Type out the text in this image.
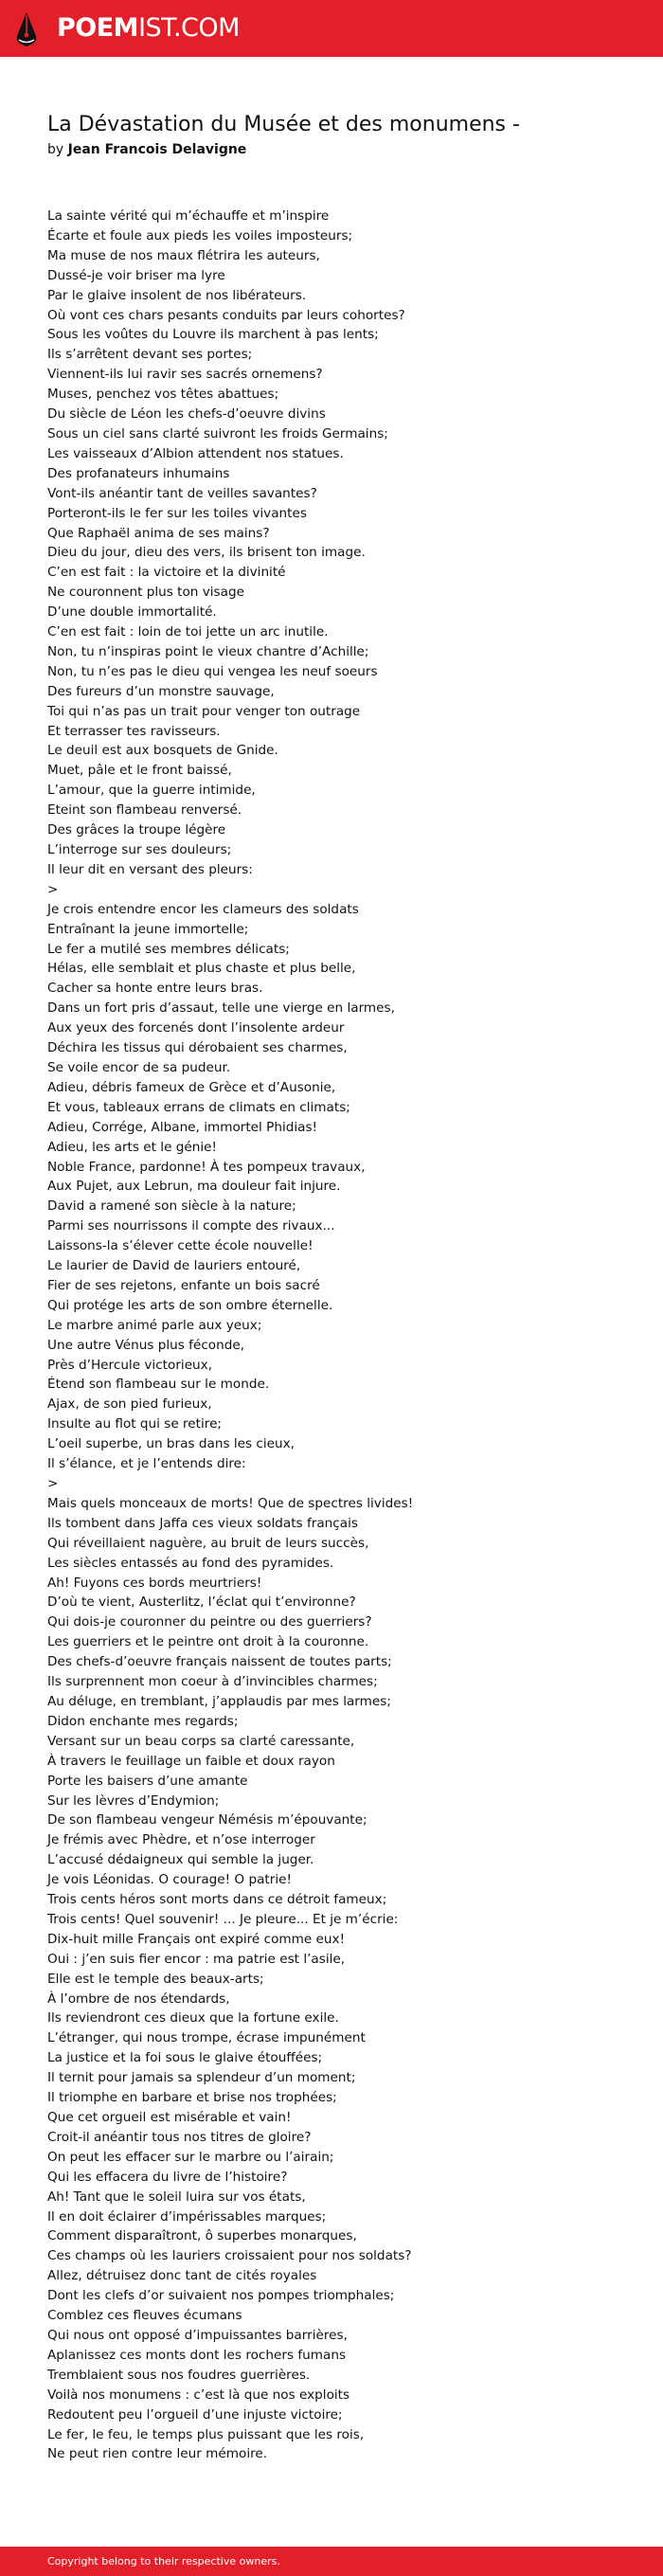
POEMIST.COM
La Dévastation du Musée et des monumens -
by Jean Francois Delavigne
La sainte vérité qui m’échauffe et m’inspire
Écarte et foule aux pieds les voiles imposteurs;
Ma muse de nos maux flétrira les auteurs,
Dussé-je voir briser ma lyre
Par le glaive insolent de nos libérateurs.
Où vont ces chars pesants conduits par leurs cohortes?
Sous les voûtes du Louvre ils marchent à pas lents;
Ils s’arrêtent devant ses portes;
Viennent-ils lui ravir ses sacrés ornemens?
Muses, penchez vos têtes abattues;
Du siècle de Léon les chefs-d’oeuvre divins
Sous un ciel sans clarté suivront les froids Germains;
Les vaisseaux d’Albion attendent nos statues.
Des profanateurs inhumains
Vont-ils anéantir tant de veilles savantes?
Porteront-ils le fer sur les toiles vivantes
Que Raphaël anima de ses mains?
Dieu du jour, dieu des vers, ils brisent ton image.
C’en est fait : la victoire et la divinité
Ne couronnent plus ton visage
D’une double immortalité.
C’en est fait : loin de toi jette un arc inutile.
Non, tu n’inspiras point le vieux chantre d’Achille;
Non, tu n’es pas le dieu qui vengea les neuf soeurs
Des fureurs d’un monstre sauvage,
Toi qui n’as pas un trait pour venger ton outrage
Et terrasser tes ravisseurs.
Le deuil est aux bosquets de Gnide.
Muet, pâle et le front baissé,
L’amour, que la guerre intimide,
Eteint son flambeau renversé.
Des grâces la troupe légère
L’interroge sur ses douleurs;
Il leur dit en versant des pleurs:
>
Je crois entendre encor les clameurs des soldats
Entraînant la jeune immortelle;
Le fer a mutilé ses membres délicats;
Hélas, elle semblait et plus chaste et plus belle,
Cacher sa honte entre leurs bras.
Dans un fort pris d’assaut, telle une vierge en larmes,
Aux yeux des forcenés dont l’insolente ardeur
Déchira les tissus qui dérobaient ses charmes,
Se voile encor de sa pudeur.
Adieu, débris fameux de Grèce et d’Ausonie,
Et vous, tableaux errans de climats en climats;
Adieu, Corrége, Albane, immortel Phidias!
Adieu, les arts et le génie!
Noble France, pardonne! À tes pompeux travaux,
Aux Pujet, aux Lebrun, ma douleur fait injure.
David a ramené son siècle à la nature;
Parmi ses nourrissons il compte des rivaux...
Laissons-la s’élever cette école nouvelle!
Le laurier de David de lauriers entouré,
Fier de ses rejetons, enfante un bois sacré
Qui protége les arts de son ombre éternelle.
Le marbre animé parle aux yeux;
Une autre Vénus plus féconde,
Près d’Hercule victorieux,
Étend son flambeau sur le monde.
Ajax, de son pied furieux,
Insulte au flot qui se retire;
L’oeil superbe, un bras dans les cieux,
Il s’élance, et je l’entends dire:
>
Mais quels monceaux de morts! Que de spectres livides!
Ils tombent dans Jaffa ces vieux soldats français
Qui réveillaient naguère, au bruit de leurs succès,
Les siècles entassés au fond des pyramides.
Ah! Fuyons ces bords meurtriers!
D’où te vient, Austerlitz, l’éclat qui t’environne?
Qui dois-je couronner du peintre ou des guerriers?
Les guerriers et le peintre ont droit à la couronne.
Des chefs-d’oeuvre français naissent de toutes parts;
Ils surprennent mon coeur à d’invincibles charmes;
Au déluge, en tremblant, j’applaudis par mes larmes;
Didon enchante mes regards;
Versant sur un beau corps sa clarté caressante,
À travers le feuillage un faible et doux rayon
Porte les baisers d’une amante
Sur les lèvres d’Endymion;
De son flambeau vengeur Némésis m’épouvante;
Je frémis avec Phèdre, et n’ose interroger
L’accusé dédaigneux qui semble la juger.
Je vois Léonidas. O courage! O patrie!
Trois cents héros sont morts dans ce détroit fameux;
Trois cents! Quel souvenir! ... Je pleure... Et je m’écrie:
Dix-huit mille Français ont expiré comme eux!
Oui : j’en suis fier encor : ma patrie est l’asile,
Elle est le temple des beaux-arts;
À l’ombre de nos étendards,
Ils reviendront ces dieux que la fortune exile.
L’étranger, qui nous trompe, écrase impunément
La justice et la foi sous le glaive étouffées;
Il ternit pour jamais sa splendeur d’un moment;
Il triomphe en barbare et brise nos trophées;
Que cet orgueil est misérable et vain!
Croit-il anéantir tous nos titres de gloire?
On peut les effacer sur le marbre ou l’airain;
Qui les effacera du livre de l’histoire?
Ah! Tant que le soleil luira sur vos états,
Il en doit éclairer d’impérissables marques;
Comment disparaîtront, ô superbes monarques,
Ces champs où les lauriers croissaient pour nos soldats?
Allez, détruisez donc tant de cités royales
Dont les clefs d’or suivaient nos pompes triomphales;
Comblez ces fleuves écumans
Qui nous ont opposé d’impuissantes barrières,
Aplanissez ces monts dont les rochers fumans
Tremblaient sous nos foudres guerrières.
Voilà nos monumens : c’est là que nos exploits
Redoutent peu l’orgueil d’une injuste victoire;
Le fer, le feu, le temps plus puissant que les rois,
Ne peut rien contre leur mémoire.
Copyright belong to their respective owners.
